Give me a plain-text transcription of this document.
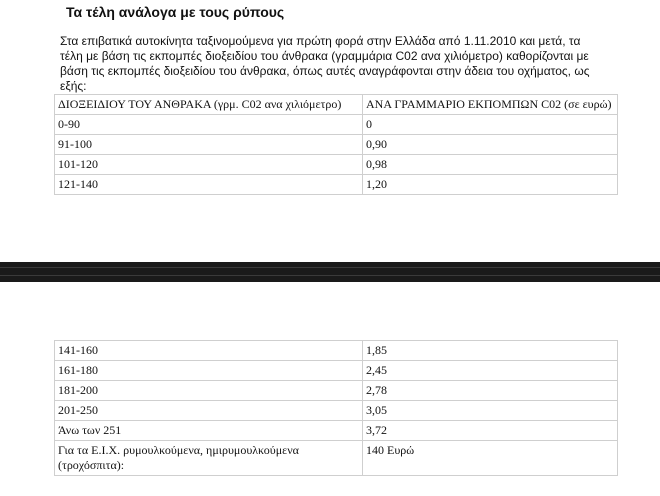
Τα τέλη ανάλογα με τους ρύπους

Στα επιβατικά αυτοκίνητα ταξινομούμενα για πρώτη φορά στην Ελλάδα από 1.11.2010 και μετά, τα τέλη με βάση τις εκπομπές διοξειδίου του άνθρακα (γραμμάρια C02 ανα χιλιόμετρο) καθορίζονται με βάση τις εκπομπές διοξειδίου του άνθρακα, όπως αυτές αναγράφονται στην άδεια του οχήματος, ως εξής:

ΔΙΟΞΕΙΔΙΟΥ ΤΟΥ ΑΝΘΡΑΚΑ (γρμ. C02 ανα χιλιόμετρο)	ΑΝΑ ΓΡΑΜΜΑΡΙΟ ΕΚΠΟΜΠΩΝ C02 (σε ευρώ)
0-90	0
91-100	0,90
101-120	0,98
121-140	1,20
141-160	1,85
161-180	2,45
181-200	2,78
201-250	3,05
Άνω των 251	3,72
Για τα Ε.Ι.Χ. ρυμουλκούμενα, ημιρυμουλκούμενα (τροχόσπιτα):	140 Ευρώ
